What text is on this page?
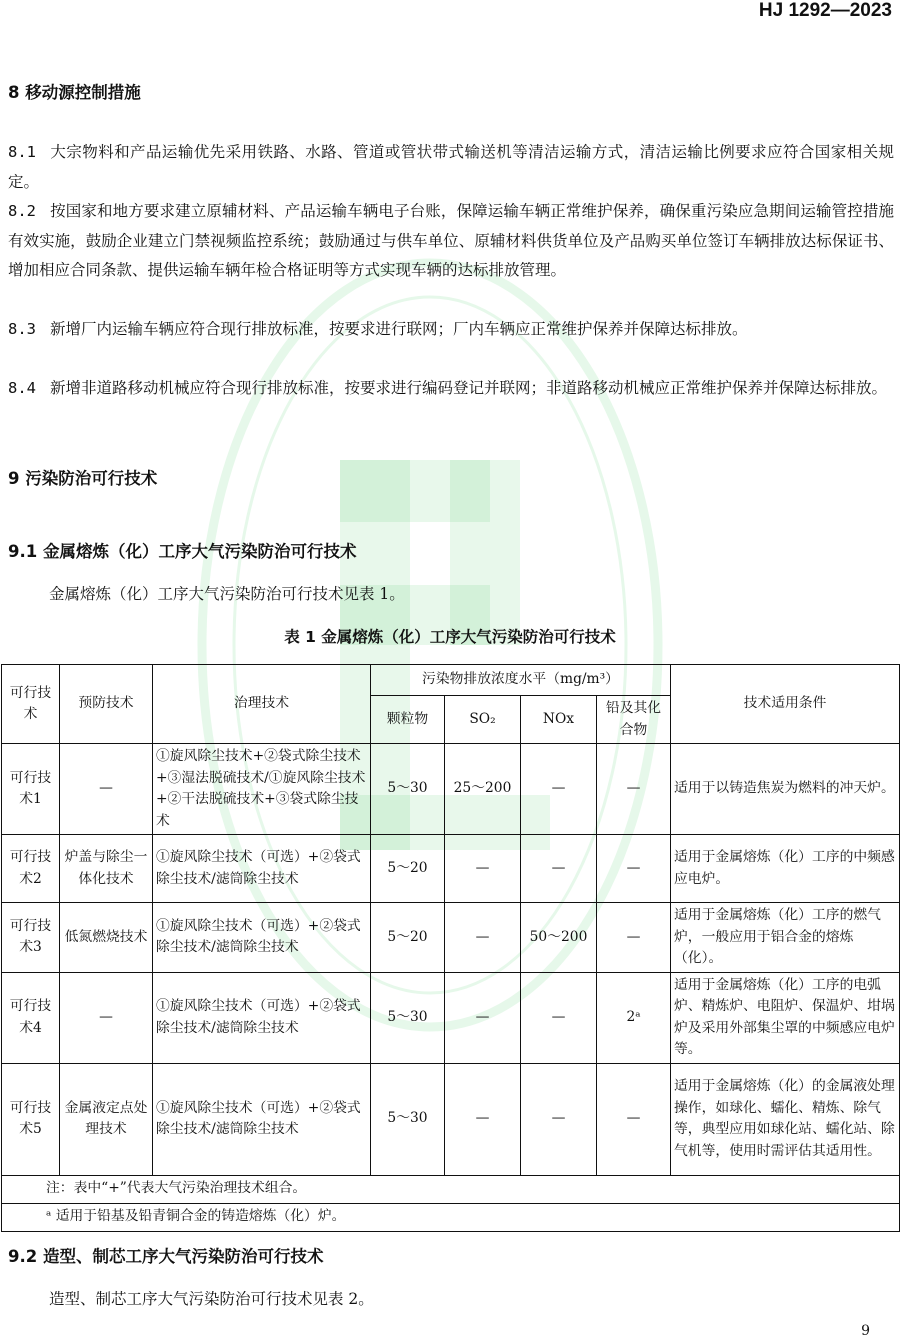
HJ 1292—2023
8 移动源控制措施
8.1 大宗物料和产品运输优先采用铁路、水路、管道或管状带式输送机等清洁运输方式，清洁运输比例要求应符合国家相关规定。
8.2 按国家和地方要求建立原辅材料、产品运输车辆电子台账，保障运输车辆正常维护保养，确保重污染应急期间运输管控措施有效实施，鼓励企业建立门禁视频监控系统；鼓励通过与供车单位、原辅材料供货单位及产品购买单位签订车辆排放达标保证书、增加相应合同条款、提供运输车辆年检合格证明等方式实现车辆的达标排放管理。
8.3 新增厂内运输车辆应符合现行排放标准，按要求进行联网；厂内车辆应正常维护保养并保障达标排放。
8.4 新增非道路移动机械应符合现行排放标准，按要求进行编码登记并联网；非道路移动机械应正常维护保养并保障达标排放。
9 污染防治可行技术
9.1 金属熔炼（化）工序大气污染防治可行技术
金属熔炼（化）工序大气污染防治可行技术见表 1。
表 1 金属熔炼（化）工序大气污染防治可行技术
可行技术	预防技术	治理技术	污染物排放浓度水平（mg/m³）				技术适用条件
			颗粒物	SO₂	NOx	铅及其化合物	
可行技术1	—	①旋风除尘技术+②袋式除尘技术+③湿法脱硫技术/①旋风除尘技术+②干法脱硫技术+③袋式除尘技术	5～30	25～200	—	—	适用于以铸造焦炭为燃料的冲天炉。
可行技术2	炉盖与除尘一体化技术	①旋风除尘技术（可选）+②袋式除尘技术/滤筒除尘技术	5～20	—	—	—	适用于金属熔炼（化）工序的中频感应电炉。
可行技术3	低氮燃烧技术	①旋风除尘技术（可选）+②袋式除尘技术/滤筒除尘技术	5～20	—	50～200	—	适用于金属熔炼（化）工序的燃气炉，一般应用于铝合金的熔炼（化）。
可行技术4	—	①旋风除尘技术（可选）+②袋式除尘技术/滤筒除尘技术	5～30	—	—	2ᵃ	适用于金属熔炼（化）工序的电弧炉、精炼炉、电阻炉、保温炉、坩埚炉及采用外部集尘罩的中频感应电炉等。
可行技术5	金属液定点处理技术	①旋风除尘技术（可选）+②袋式除尘技术/滤筒除尘技术	5～30	—	—	—	适用于金属熔炼（化）的金属液处理操作，如球化、蠕化、精炼、除气等，典型应用如球化站、蠕化站、除气机等，使用时需评估其适用性。
注：表中“+”代表大气污染治理技术组合。							
ᵃ 适用于铅基及铅青铜合金的铸造熔炼（化）炉。							
9.2 造型、制芯工序大气污染防治可行技术
造型、制芯工序大气污染防治可行技术见表 2。
9
